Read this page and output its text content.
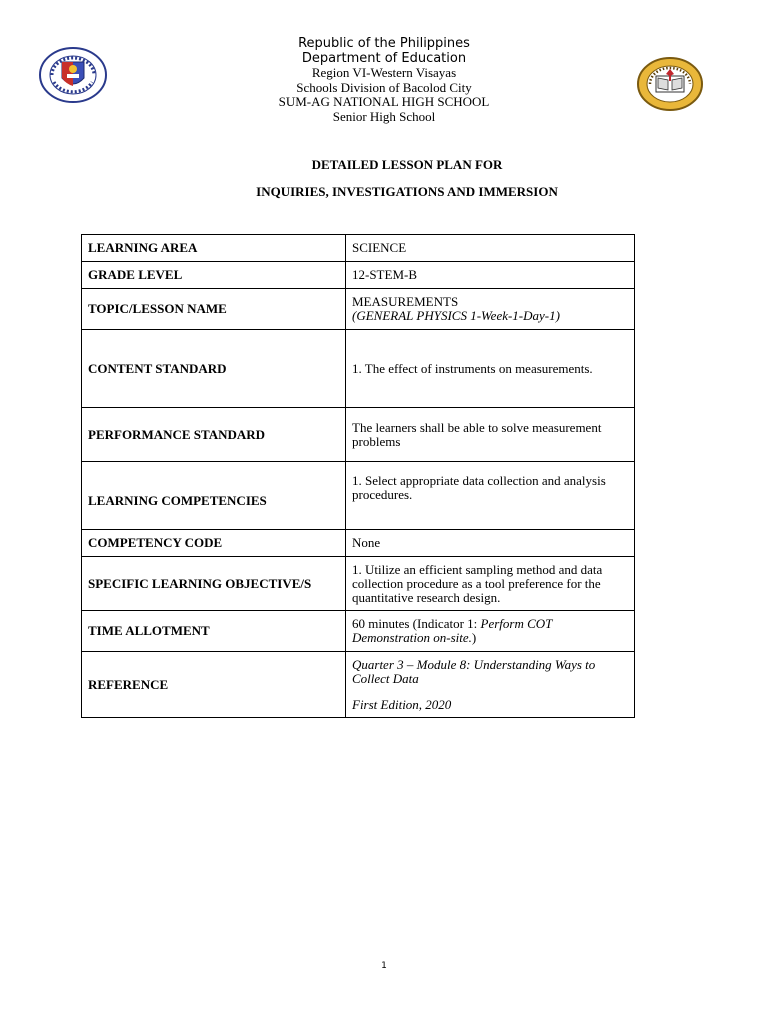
Republic of the Philippines
Department of Education
Region VI-Western Visayas
Schools Division of Bacolod City
SUM-AG NATIONAL HIGH SCHOOL
Senior High School
DETAILED LESSON PLAN FOR
INQUIRIES, INVESTIGATIONS AND IMMERSION
LEARNING AREA	SCIENCE
GRADE LEVEL	12-STEM-B
TOPIC/LESSON NAME	MEASUREMENTS

(GENERAL PHYSICS 1-Week-1-Day-1)

CONTENT STANDARD	1. The effect of instruments on measurements.
PERFORMANCE STANDARD	The learners shall be able to solve measurement problems
LEARNING COMPETENCIES	1. Select appropriate data collection and analysis procedures.
COMPETENCY CODE	None
SPECIFIC LEARNING OBJECTIVE/S	1. Utilize an efficient sampling method and data collection procedure as a tool preference for the quantitative research design.
TIME ALLOTMENT	60 minutes (Indicator 1: Perform COT Demonstration on-site.)
REFERENCE	Quarter 3 – Module 8: Understanding Ways to Collect Data

First Edition, 2020

1
